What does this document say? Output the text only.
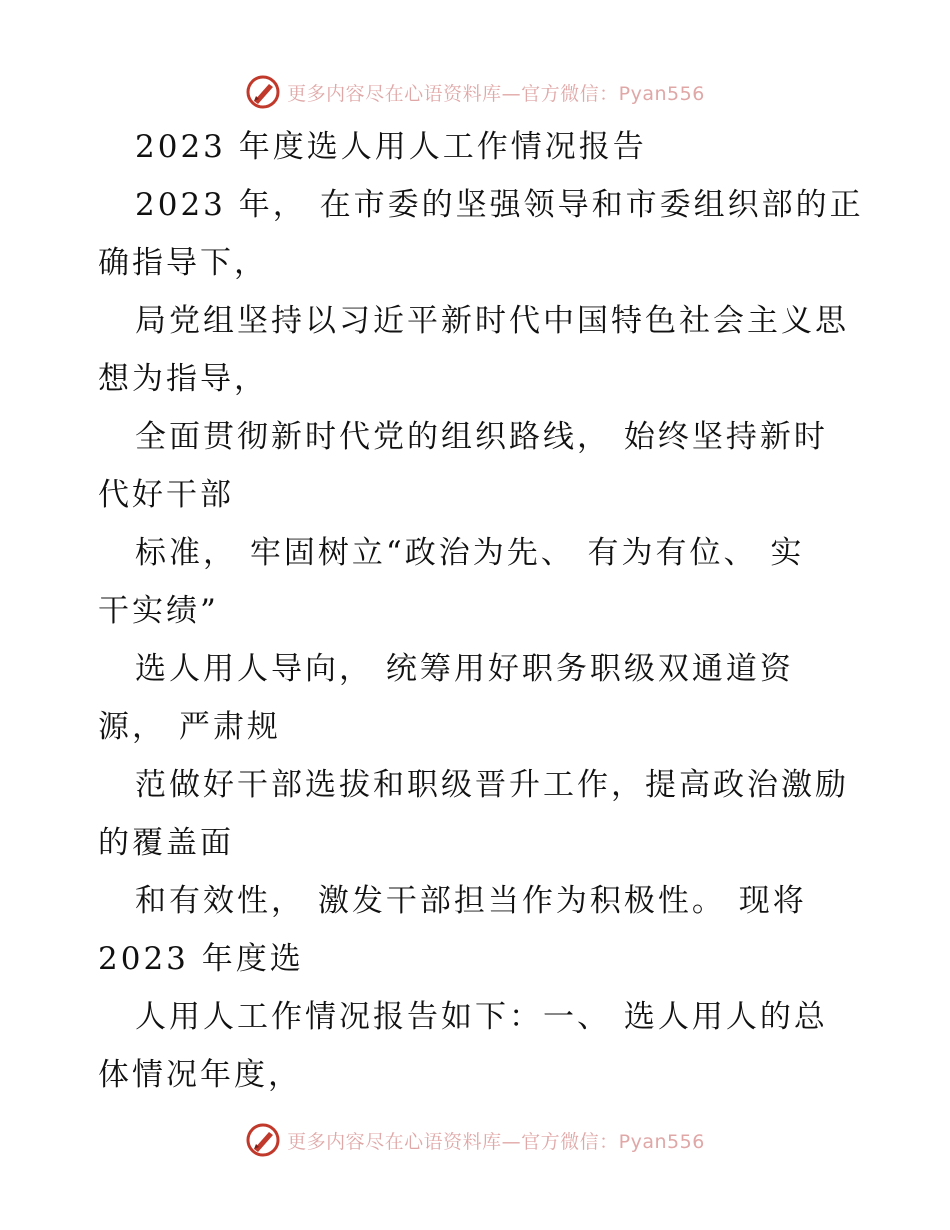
更多内容尽在心语资料库—官方微信：Pyan556
2023 年度选人用人工作情况报告
2023 年， 在市委的坚强领导和市委组织部的正
确指导下，
局党组坚持以习近平新时代中国特色社会主义思
想为指导，
全面贯彻新时代党的组织路线， 始终坚持新时
代好干部
标准， 牢固树立“政治为先、 有为有位、 实
干实绩”
选人用人导向， 统筹用好职务职级双通道资
源， 严肃规
范做好干部选拔和职级晋升工作，提高政治激励
的覆盖面
和有效性， 激发干部担当作为积极性。 现将
2023 年度选
人用人工作情况报告如下：一、 选人用人的总
体情况年度，
更多内容尽在心语资料库—官方微信：Pyan556
